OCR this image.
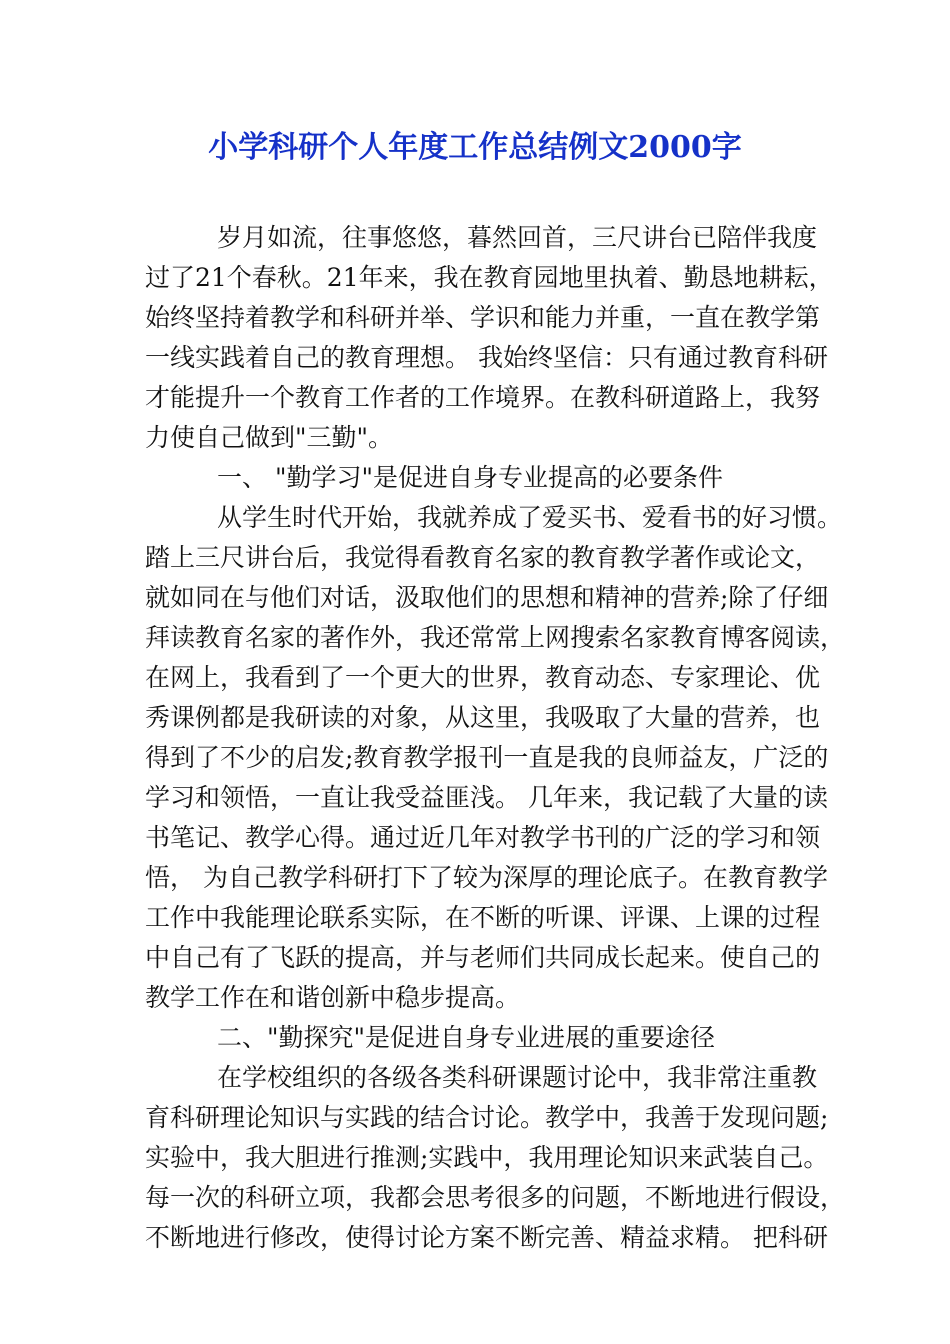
小学科研个人年度工作总结例文2000字
岁月如流，往事悠悠，暮然回首，三尺讲台已陪伴我度
过了21个春秋。21年来，我在教育园地里执着、勤恳地耕耘，
始终坚持着教学和科研并举、学识和能力并重，一直在教学第
一线实践着自己的教育理想。 我始终坚信：只有通过教育科研
才能提升一个教育工作者的工作境界。在教科研道路上，我努
力使自己做到"三勤"。
一、 "勤学习"是促进自身专业提高的必要条件
从学生时代开始，我就养成了爱买书、爱看书的好习惯。
踏上三尺讲台后，我觉得看教育名家的教育教学著作或论文，
就如同在与他们对话，汲取他们的思想和精神的营养;除了仔细
拜读教育名家的著作外，我还常常上网搜索名家教育博客阅读，
在网上，我看到了一个更大的世界，教育动态、专家理论、优
秀课例都是我研读的对象，从这里，我吸取了大量的营养，也
得到了不少的启发;教育教学报刊一直是我的良师益友，广泛的
学习和领悟，一直让我受益匪浅。 几年来，我记载了大量的读
书笔记、教学心得。通过近几年对教学书刊的广泛的学习和领
悟， 为自己教学科研打下了较为深厚的理论底子。在教育教学
工作中我能理论联系实际，在不断的听课、评课、上课的过程
中自己有了飞跃的提高，并与老师们共同成长起来。使自己的
教学工作在和谐创新中稳步提高。
二、"勤探究"是促进自身专业进展的重要途径
在学校组织的各级各类科研课题讨论中，我非常注重教
育科研理论知识与实践的结合讨论。教学中，我善于发现问题;
实验中，我大胆进行推测;实践中，我用理论知识来武装自己。
每一次的科研立项，我都会思考很多的问题，不断地进行假设，
不断地进行修改，使得讨论方案不断完善、精益求精。 把科研
